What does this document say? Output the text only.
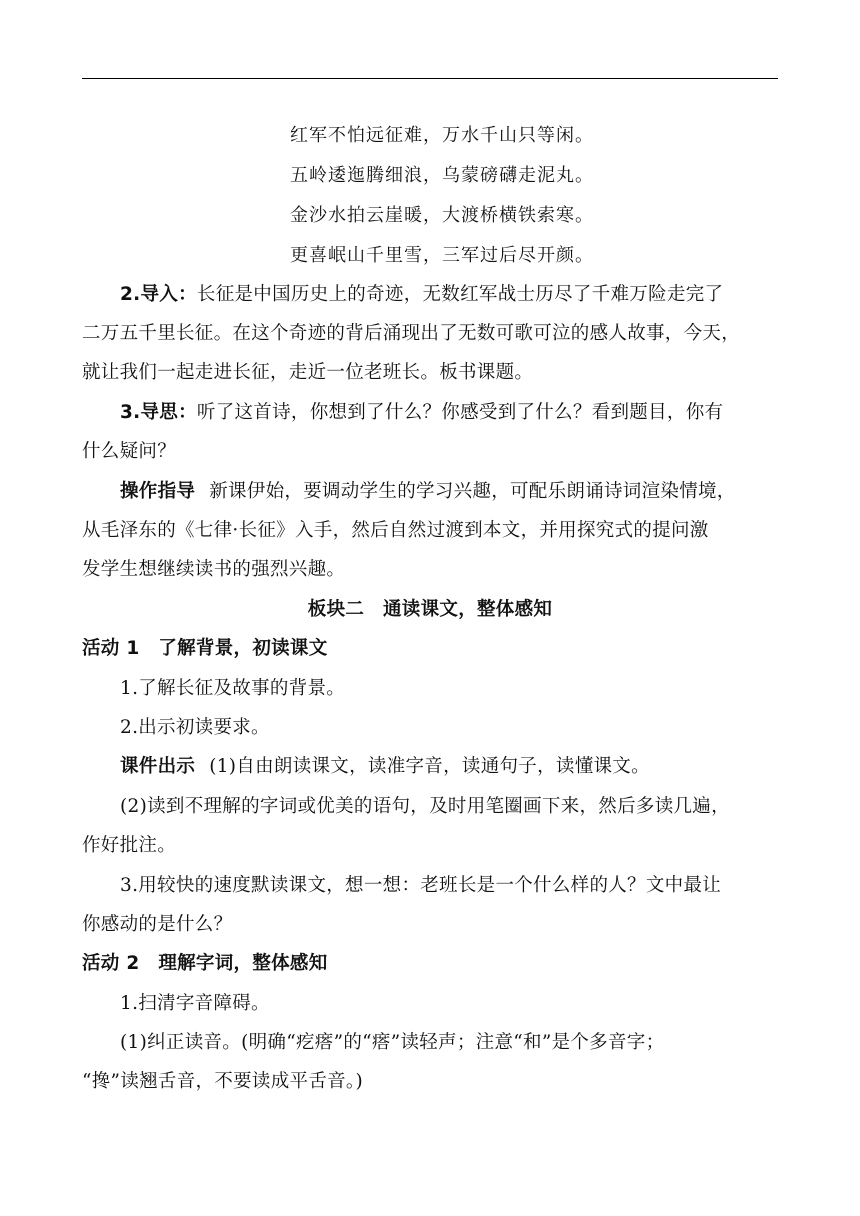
红军不怕远征难，万水千山只等闲。
五岭逶迤腾细浪，乌蒙磅礴走泥丸。
金沙水拍云崖暖，大渡桥横铁索寒。
更喜岷山千里雪，三军过后尽开颜。
2.导入：长征是中国历史上的奇迹，无数红军战士历尽了千难万险走完了
二万五千里长征。在这个奇迹的背后涌现出了无数可歌可泣的感人故事，今天，
就让我们一起走进长征，走近一位老班长。板书课题。
3.导思：听了这首诗，你想到了什么？你感受到了什么？看到题目，你有
什么疑问？
操作指导 新课伊始，要调动学生的学习兴趣，可配乐朗诵诗词渲染情境，
从毛泽东的《七律·长征》入手，然后自然过渡到本文，并用探究式的提问激
发学生想继续读书的强烈兴趣。
板块二　通读课文，整体感知
活动 1　了解背景，初读课文
1.了解长征及故事的背景。
2.出示初读要求。
课件出示 (1)自由朗读课文，读准字音，读通句子，读懂课文。
(2)读到不理解的字词或优美的语句，及时用笔圈画下来，然后多读几遍，
作好批注。
3.用较快的速度默读课文，想一想：老班长是一个什么样的人？文中最让
你感动的是什么？
活动 2　理解字词，整体感知
1.扫清字音障碍。
(1)纠正读音。(明确“疙瘩”的“瘩”读轻声；注意“和”是个多音字；
“搀”读翘舌音，不要读成平舌音。)
